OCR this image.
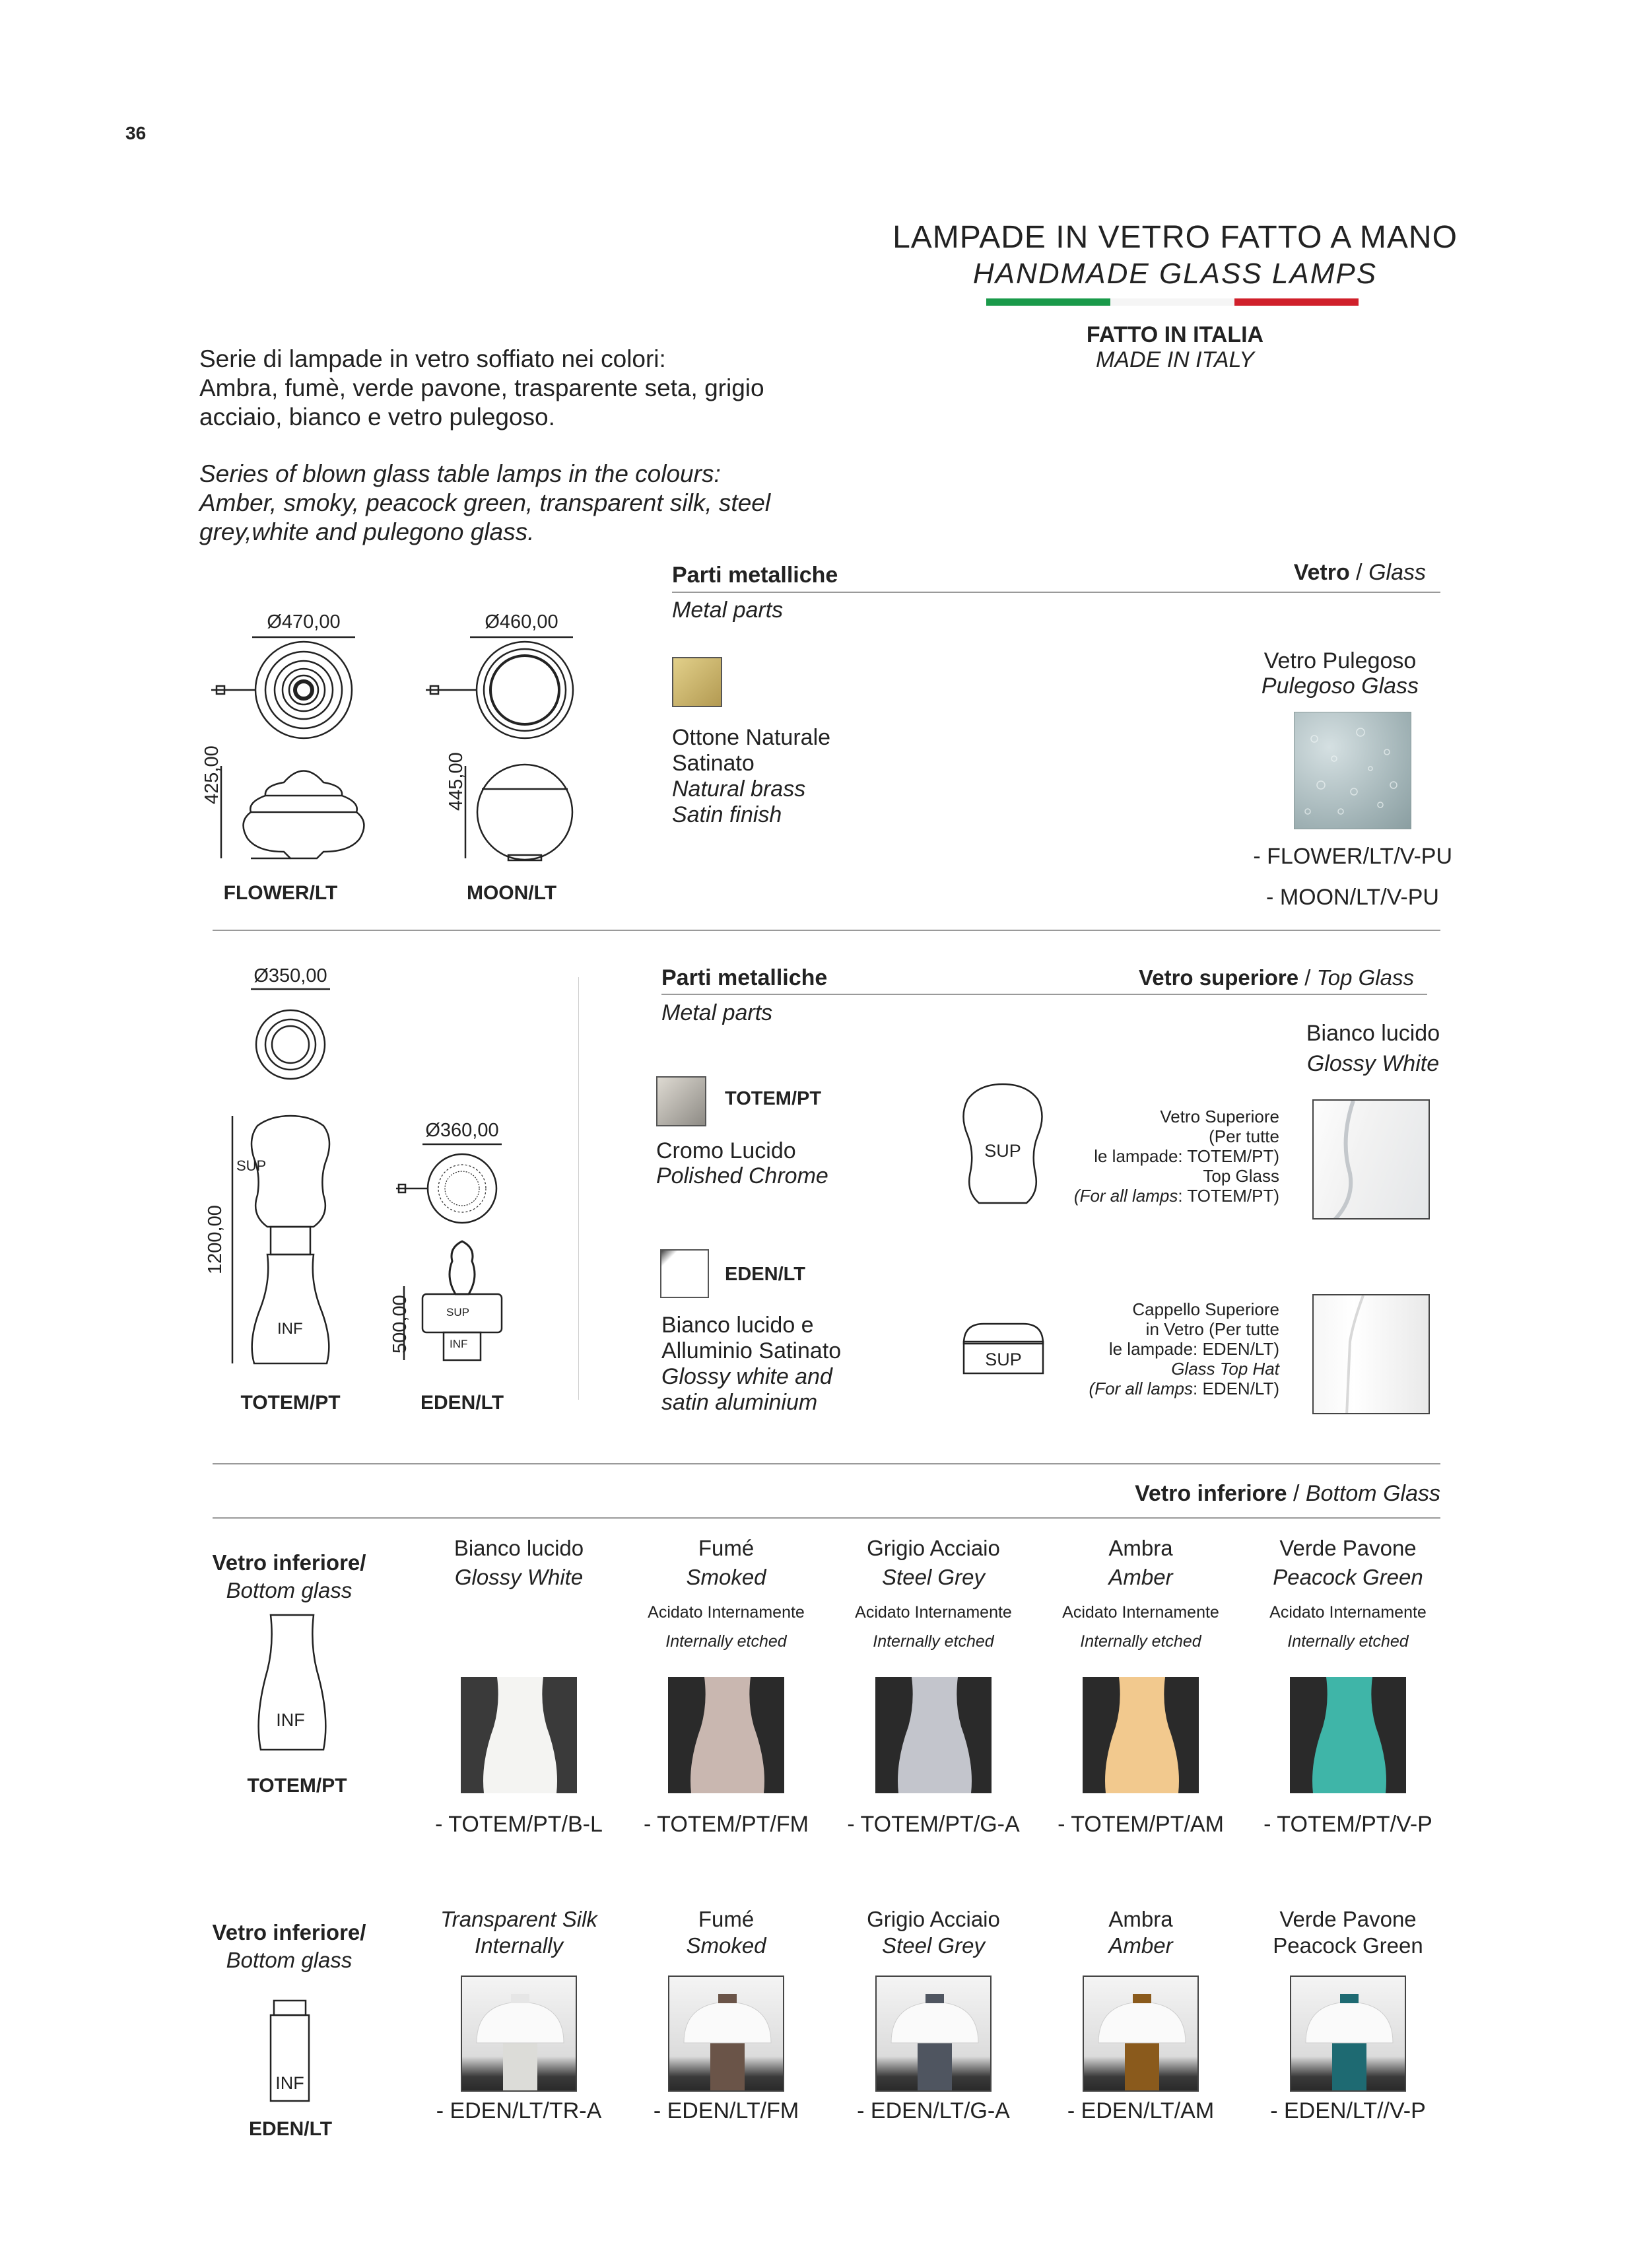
36
LAMPADE IN VETRO FATTO A MANO
HANDMADE GLASS LAMPS
FATTO IN ITALIA
MADE IN ITALY
Serie di lampade in vetro soffiato nei colori:
Ambra, fumè, verde pavone, trasparente seta, grigio
acciaio, bianco e vetro pulegoso.
Series of blown glass table lamps in the colours:
Amber, smoky, peacock green, transparent silk, steel
grey,white and pulegono glass.
Ø470,00	Ø460,00
425,00	445,00
FLOWER/LT	MOON/LT
Parti metalliche	Vetro / Glass
Metal parts
Ottone Naturale
Satinato
Natural brass
Satin finish
Vetro Pulegoso
Pulegoso Glass
- FLOWER/LT/V-PU
- MOON/LT/V-PU
Ø350,00
Ø360,00
SUP
INF
1200,00
SUP
INF
500,00
TOTEM/PT	EDEN/LT
Parti metalliche	Vetro superiore / Top Glass
Metal parts
Bianco lucido
Glossy White
TOTEM/PT
Cromo Lucido
Polished Chrome
EDEN/LT
Bianco lucido e
Alluminio Satinato
Glossy white and
satin aluminium
SUP
SUP
Vetro Superiore
(Per tutte
le lampade: TOTEM/PT)
Top Glass
(For all lamps: TOTEM/PT)
Cappello Superiore
in Vetro (Per tutte
le lampade: EDEN/LT)
Glass Top Hat
(For all lamps: EDEN/LT)
Vetro inferiore / Bottom Glass
Vetro inferiore/
Bottom glass
INF
TOTEM/PT
Bianco lucido
Glossy White
- TOTEM/PT/B-L
Fumé
Smoked
Acidato Internamente
Internally etched
- TOTEM/PT/FM
Grigio Acciaio
Steel Grey
Acidato Internamente
Internally etched
- TOTEM/PT/G-A
Ambra
Amber
Acidato Internamente
Internally etched
- TOTEM/PT/AM
Verde Pavone
Peacock Green
Acidato Internamente
Internally etched
- TOTEM/PT/V-P
Vetro inferiore/
Bottom glass
INF
EDEN/LT
Transparent Silk
Internally
- EDEN/LT/TR-A
Fumé
Smoked
- EDEN/LT/FM
Grigio Acciaio
Steel Grey
- EDEN/LT/G-A
Ambra
Amber
- EDEN/LT/AM
Verde Pavone
Peacock Green
- EDEN/LT//V-P
